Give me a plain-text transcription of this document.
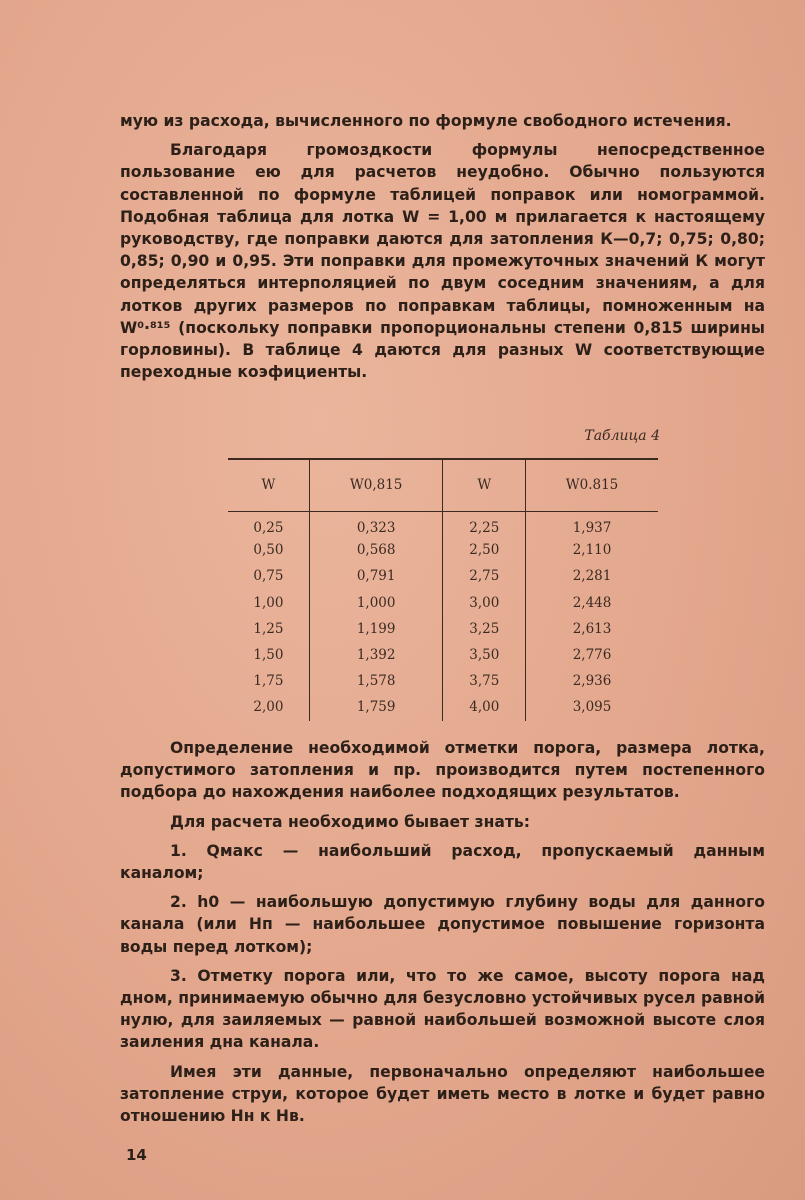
мую из расхода, вычисленного по формуле свободного истечения.

Благодаря громоздкости формулы непосредственное пользование ею для расчетов неудобно. Обычно пользуются составленной по формуле таблицей поправок или номограммой. Подобная таблица для лотка W = 1,00 м прилагается к настоящему руководству, где поправки даются для затопления К—0,7; 0,75; 0,80; 0,85; 0,90 и 0,95. Эти поправки для промежуточных значений К могут определяться интерполяцией по двум соседним значениям, а для лотков других размеров по поправкам таблицы, помноженным на W⁰·⁸¹⁵ (поскольку поправки пропорциональны степени 0,815 ширины горловины). В таблице 4 даются для разных W соответствующие переходные коэфициенты.

Таблица 4
W	W0,815	W	W0.815
0,25	0,323	2,25	1,937
0,50	0,568	2,50	2,110
0,75	0,791	2,75	2,281
1,00	1,000	3,00	2,448
1,25	1,199	3,25	2,613
1,50	1,392	3,50	2,776
1,75	1,578	3,75	2,936
2,00	1,759	4,00	3,095

Определение необходимой отметки порога, размера лотка, допустимого затопления и пр. производится путем постепенного подбора до нахождения наиболее подходящих результатов.

Для расчета необходимо бывает знать:

1. Qмакс — наибольший расход, пропускаемый данным каналом;

2. h0 — наибольшую допустимую глубину воды для данного канала (или Hп — наибольшее допустимое повышение горизонта воды перед лотком);

3. Отметку порога или, что то же самое, высоту порога над дном, принимаемую обычно для безусловно устойчивых русел равной нулю, для заиляемых — равной наибольшей возможной высоте слоя заиления дна канала.

Имея эти данные, первоначально определяют наибольшее затопление струи, которое будет иметь место в лотке и будет равно отношению Hн к Hв.

14
